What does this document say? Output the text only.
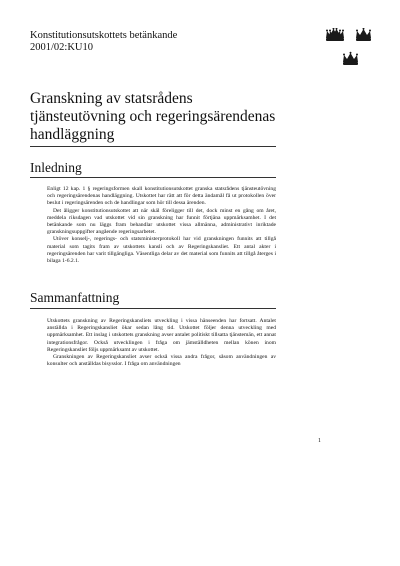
Konstitutionsutskottets betänkande
2001/02:KU10
Granskning av statsrådens tjänsteutövning och regeringsärendenas handläggning
Inledning

Enligt 12 kap. 1 § regeringsformen skall konstitutionsutskottet granska statsrådens tjänsteutövning och regeringsärendenas handläggning. Utskottet har rätt att för detta ändamål få ut protokollen över beslut i regeringsärenden och de handlingar som hör till dessa ärenden.

Det åligger konstitutionsutskottet att när skäl föreligger till det, dock minst en gång om året, meddela riksdagen vad utskottet vid sin granskning har funnit förtjäna uppmärksamhet. I det betänkande som nu läggs fram behandlar utskottet vissa allmänna, administrativt inriktade granskningsuppgifter angående regeringsarbetet.

Utöver konselj-, regerings- och statsministerprotokoll har vid granskningen funnits att tillgå material som tagits fram av utskottets kansli och av Regeringskansliet. Ett antal akter i regeringsärenden har varit tillgängliga. Väsentliga delar av det material som funnits att tillgå återges i bilaga 1-6.2.1.

Sammanfattning

Utskottets granskning av Regeringskansliets utveckling i vissa hänseenden har fortsatt. Antalet anställda i Regeringskansliet ökar sedan lång tid. Utskottet följer denna utveckling med uppmärksamhet. Ett inslag i utskottets granskning avser antalet politiskt tillsatta tjänstemän, ett annat integrationsfrågor. Också utvecklingen i fråga om jämställdheten mellan könen inom Regeringskansliet följs uppmärksamt av utskottet.

Granskningen av Regeringskansliet avser också vissa andra frågor, såsom användningen av konsulter och anställdas bisysslor. I fråga om användningen

1
